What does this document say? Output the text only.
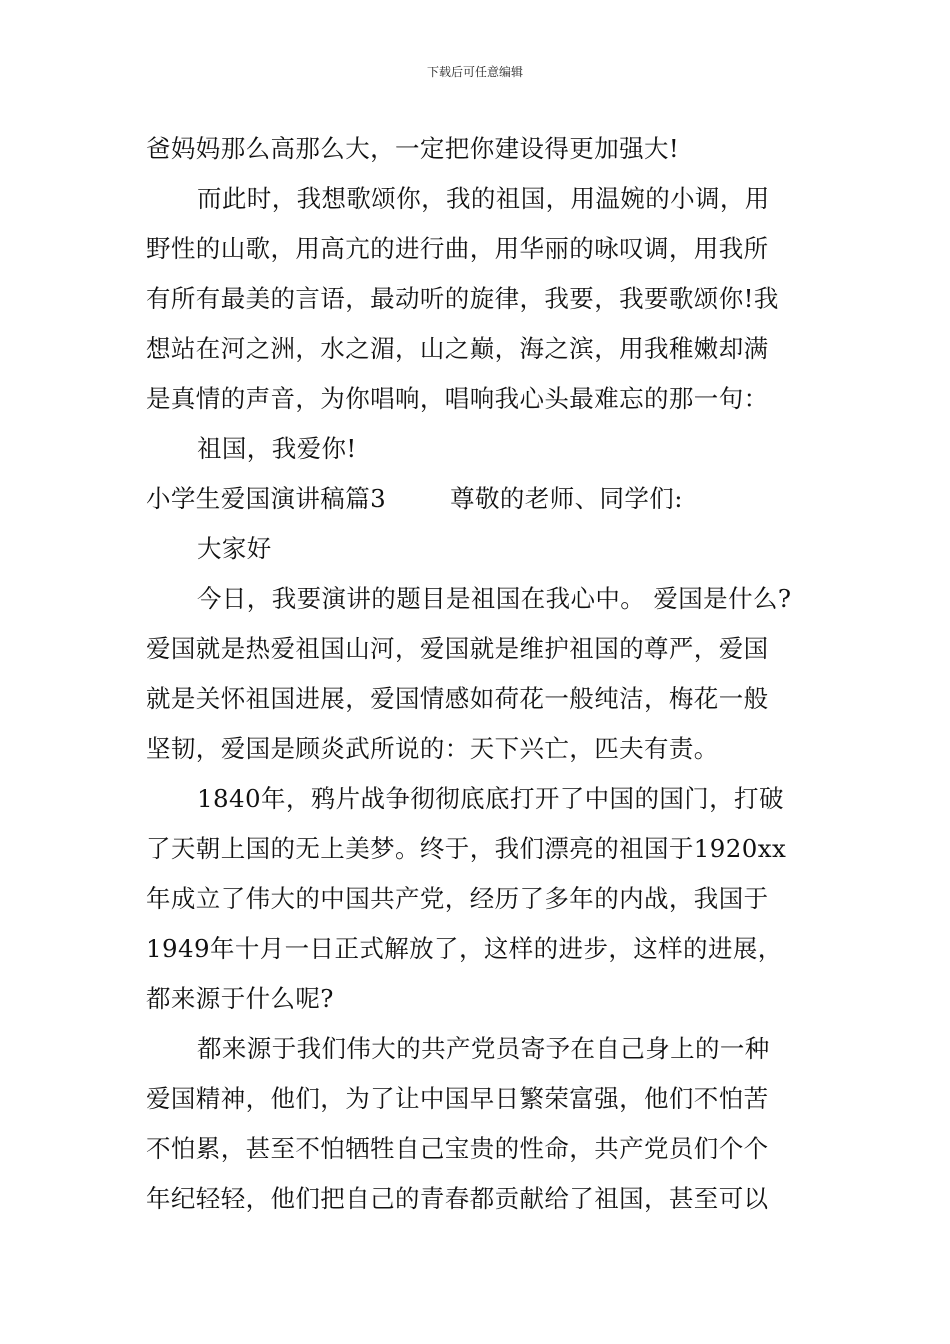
下载后可任意编辑
爸妈妈那么高那么大，一定把你建设得更加强大!
而此时，我想歌颂你，我的祖国，用温婉的小调，用
野性的山歌，用高亢的进行曲，用华丽的咏叹调，用我所
有所有最美的言语，最动听的旋律，我要，我要歌颂你!我
想站在河之洲，水之湄，山之巅，海之滨，用我稚嫩却满
是真情的声音，为你唱响，唱响我心头最难忘的那一句：
祖国，我爱你!
小学生爱国演讲稿篇3	尊敬的老师、同学们:
大家好
今日，我要演讲的题目是祖国在我心中。 爱国是什么?
爱国就是热爱祖国山河，爱国就是维护祖国的尊严，爱国
就是关怀祖国进展，爱国情感如荷花一般纯洁，梅花一般
坚韧，爱国是顾炎武所说的：天下兴亡，匹夫有责。
1840年，鸦片战争彻彻底底打开了中国的国门，打破
了天朝上国的无上美梦。终于，我们漂亮的祖国于1920xx
年成立了伟大的中国共产党，经历了多年的内战，我国于
1949年十月一日正式解放了，这样的进步，这样的进展，
都来源于什么呢?
都来源于我们伟大的共产党员寄予在自己身上的一种
爱国精神，他们，为了让中国早日繁荣富强，他们不怕苦
不怕累，甚至不怕牺牲自己宝贵的性命，共产党员们个个
年纪轻轻，他们把自己的青春都贡献给了祖国，甚至可以
